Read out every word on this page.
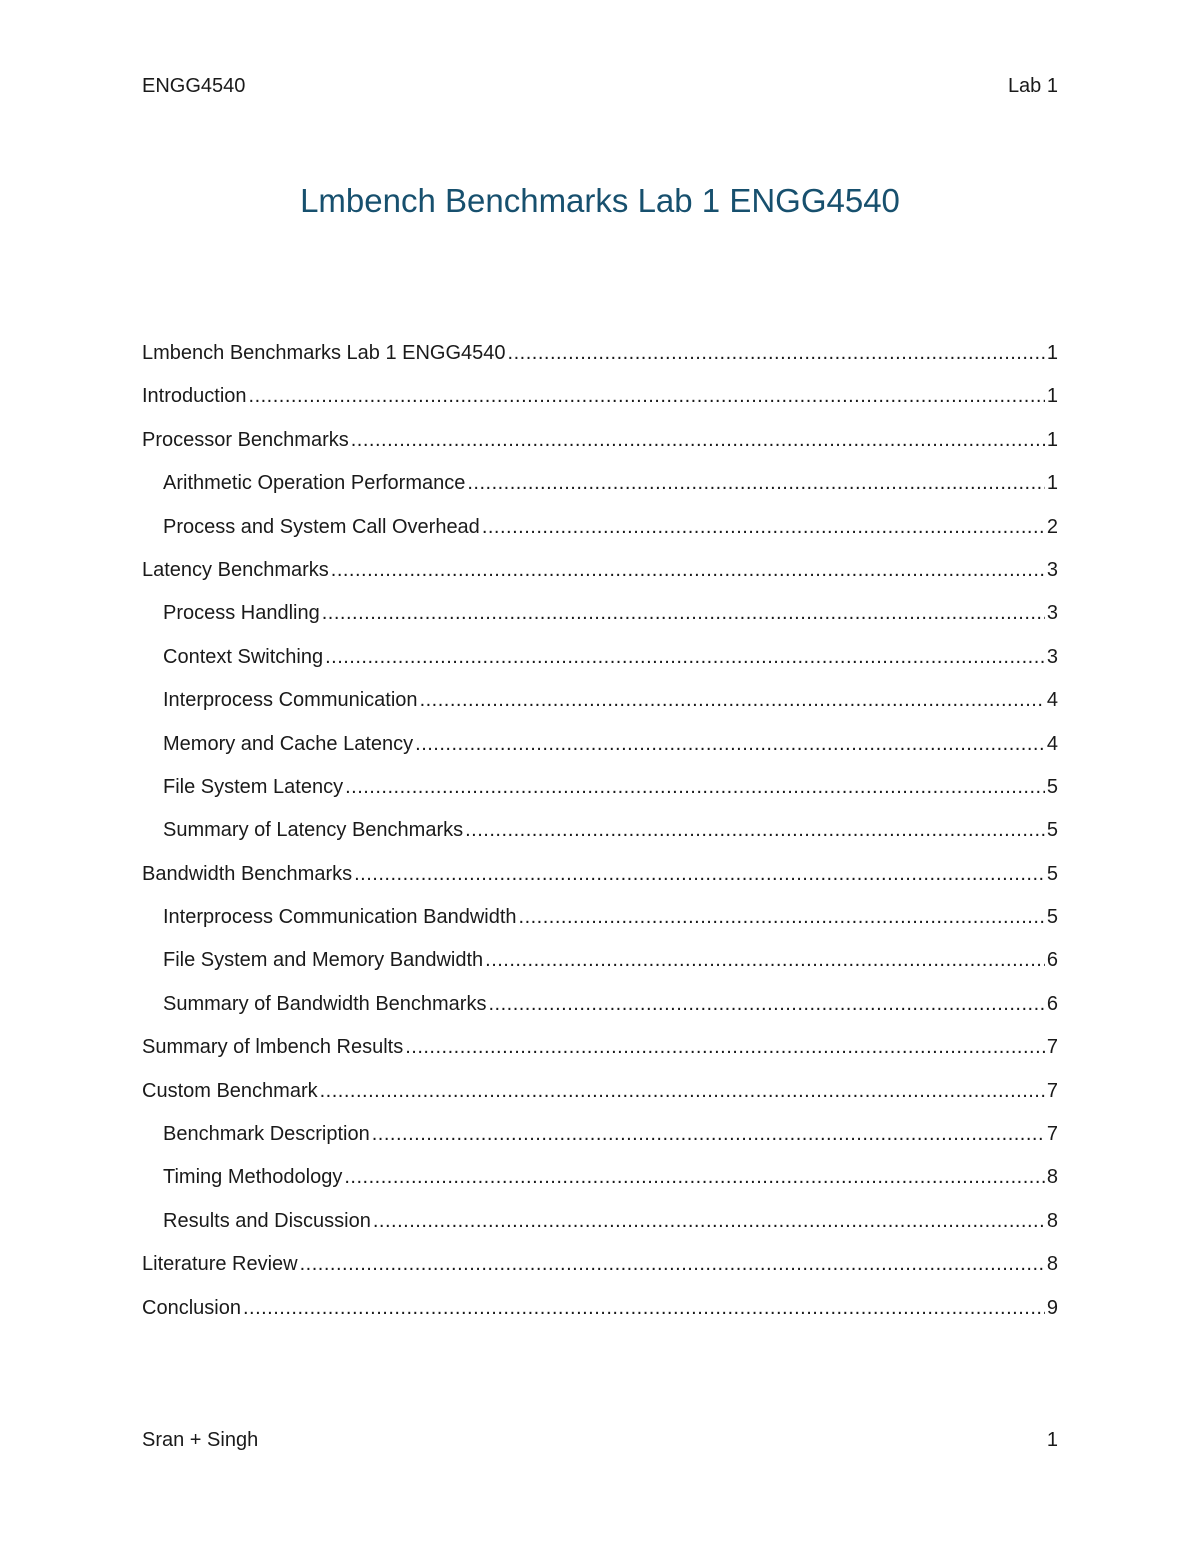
ENGG4540	Lab 1
Lmbench Benchmarks Lab 1 ENGG4540
Lmbench Benchmarks Lab 1 ENGG4540 .....	1
Introduction .....	1
Processor Benchmarks .....	1
Arithmetic Operation Performance .....	1
Process and System Call Overhead .....	2
Latency Benchmarks .....	3
Process Handling .....	3
Context Switching .....	3
Interprocess Communication .....	4
Memory and Cache Latency .....	4
File System Latency .....	5
Summary of Latency Benchmarks .....	5
Bandwidth Benchmarks .....	5
Interprocess Communication Bandwidth .....	5
File System and Memory Bandwidth .....	6
Summary of Bandwidth Benchmarks .....	6
Summary of lmbench Results .....	7
Custom Benchmark .....	7
Benchmark Description .....	7
Timing Methodology .....	8
Results and Discussion .....	8
Literature Review .....	8
Conclusion .....	9
Sran + Singh	1
